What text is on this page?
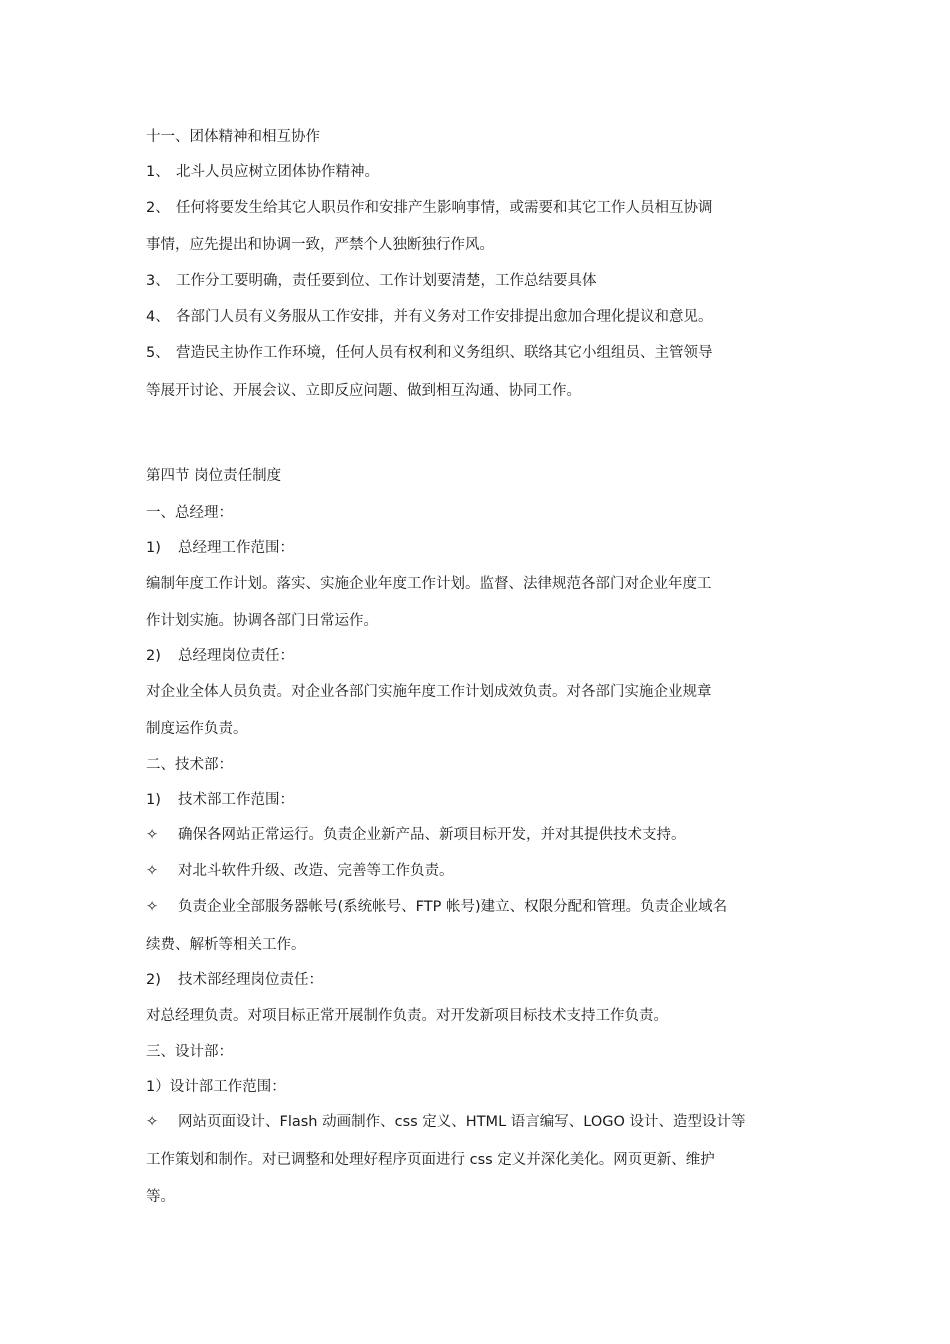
十一、团体精神和相互协作
1、 北斗人员应树立团体协作精神。
2、 任何将要发生给其它人职员作和安排产生影响事情，或需要和其它工作人员相互协调
事情，应先提出和协调一致，严禁个人独断独行作风。
3、 工作分工要明确，责任要到位、工作计划要清楚，工作总结要具体
4、 各部门人员有义务服从工作安排，并有义务对工作安排提出愈加合理化提议和意见。
5、 营造民主协作工作环境，任何人员有权利和义务组织、联络其它小组组员、主管领导
等展开讨论、开展会议、立即反应问题、做到相互沟通、协同工作。
第四节 岗位责任制度
一、总经理：
1) 总经理工作范围：
编制年度工作计划。落实、实施企业年度工作计划。监督、法律规范各部门对企业年度工
作计划实施。协调各部门日常运作。
2) 总经理岗位责任：
对企业全体人员负责。对企业各部门实施年度工作计划成效负责。对各部门实施企业规章
制度运作负责。
二、技术部：
1) 技术部工作范围：
✧ 确保各网站正常运行。负责企业新产品、新项目标开发，并对其提供技术支持。
✧ 对北斗软件升级、改造、完善等工作负责。
✧ 负责企业全部服务器帐号(系统帐号、FTP 帐号)建立、权限分配和管理。负责企业域名
续费、解析等相关工作。
2) 技术部经理岗位责任：
对总经理负责。对项目标正常开展制作负责。对开发新项目标技术支持工作负责。
三、设计部：
1）设计部工作范围：
✧ 网站页面设计、Flash 动画制作、css 定义、HTML 语言编写、LOGO 设计、造型设计等
工作策划和制作。对已调整和处理好程序页面进行 css 定义并深化美化。网页更新、维护
等。
